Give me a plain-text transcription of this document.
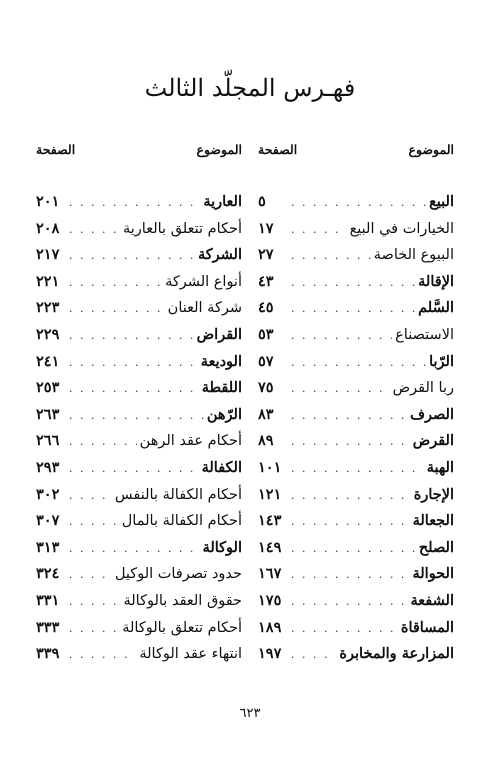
فهـرس المجلّد الثالث
الموضوع
الصفحة
البيع
. . .
٥
الخيارات في البيع
. . .
١٧
البيوع الخاصة
. . .
٢٧
الإقالة
. . .
٤٣
السَّلم
. . .
٤٥
الاستصناع
. . .
٥٣
الرّبا
. . .
٥٧
ربا القرض
. . .
٧٥
الصرف
. . .
٨٣
القرض
. . .
٨٩
الهبة
. . .
١٠١
الإجارة
. . .
١٢١
الجعالة
. . .
١٤٣
الصلح
. . .
١٤٩
الحوالة
. . .
١٦٧
الشفعة
. . .
١٧٥
المساقاة
. . .
١٨٩
المزارعة والمخابرة
. . .
١٩٧
الموضوع
الصفحة
العارية
. . .
٢٠١
أحكام تتعلق بالعارية
. . .
٢٠٨
الشركة
. . .
٢١٧
أنواع الشركة
. . .
٢٢١
شركة العنان
. . .
٢٢٣
القراض
. . .
٢٢٩
الوديعة
. . .
٢٤١
اللقطة
. . .
٢٥٣
الرّهن
. . .
٢٦٣
أحكام عقد الرهن
. . .
٢٦٦
الكفالة
. . .
٢٩٣
أحكام الكفالة بالنفس
. . .
٣٠٢
أحكام الكفالة بالمال
. . .
٣٠٧
الوكالة
. . .
٣١٣
حدود تصرفات الوكيل
. . .
٣٢٤
حقوق العقد بالوكالة
. . .
٣٣١
أحكام تتعلق بالوكالة
. . .
٣٣٣
انتهاء عقد الوكالة
. . .
٣٣٩
٦٢٣
